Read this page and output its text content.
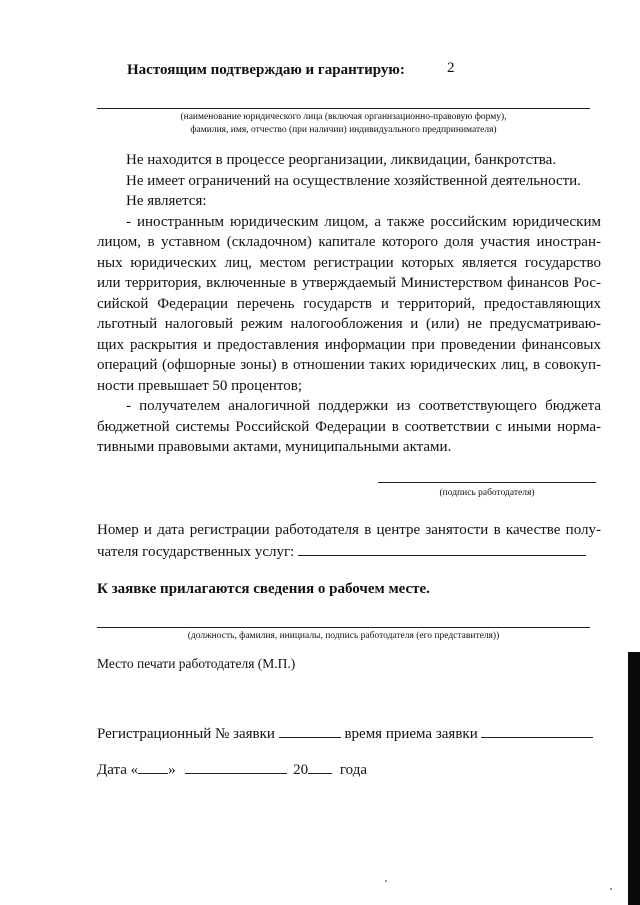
Настоящим подтверждаю и гарантирую:	2
(наименование юридического лица (включая организационно-правовую форму),
фамилия, имя, отчество (при наличии) индивидуального предпринимателя)
Не находится в процессе реорганизации, ликвидации, банкротства.
Не имеет ограничений на осуществление хозяйственной деятельности.
Не является:
- иностранным юридическим лицом, а также российским юридическим
лицом, в уставном (складочном) капитале которого доля участия иностран-
ных юридических лиц, местом регистрации которых является государство
или территория, включенные в утверждаемый Министерством финансов Рос-
сийской Федерации перечень государств и территорий, предоставляющих
льготный налоговый режим налогообложения и (или) не предусматриваю-
щих раскрытия и предоставления информации при проведении финансовых
операций (офшорные зоны) в отношении таких юридических лиц, в совокуп-
ности превышает 50 процентов;
- получателем аналогичной поддержки из соответствующего бюджета
бюджетной системы Российской Федерации в соответствии с иными норма-
тивными правовыми актами, муниципальными актами.
(подпись работодателя)
Номер и дата регистрации работодателя в центре занятости в качестве полу-
чателя государственных услуг:
К заявке прилагаются сведения о рабочем месте.
(должность, фамилия, инициалы, подпись работодателя (его представителя))
Место печати работодателя (М.П.)
Регистрационный № заявки	время приема заявки
Дата « »	20 года
